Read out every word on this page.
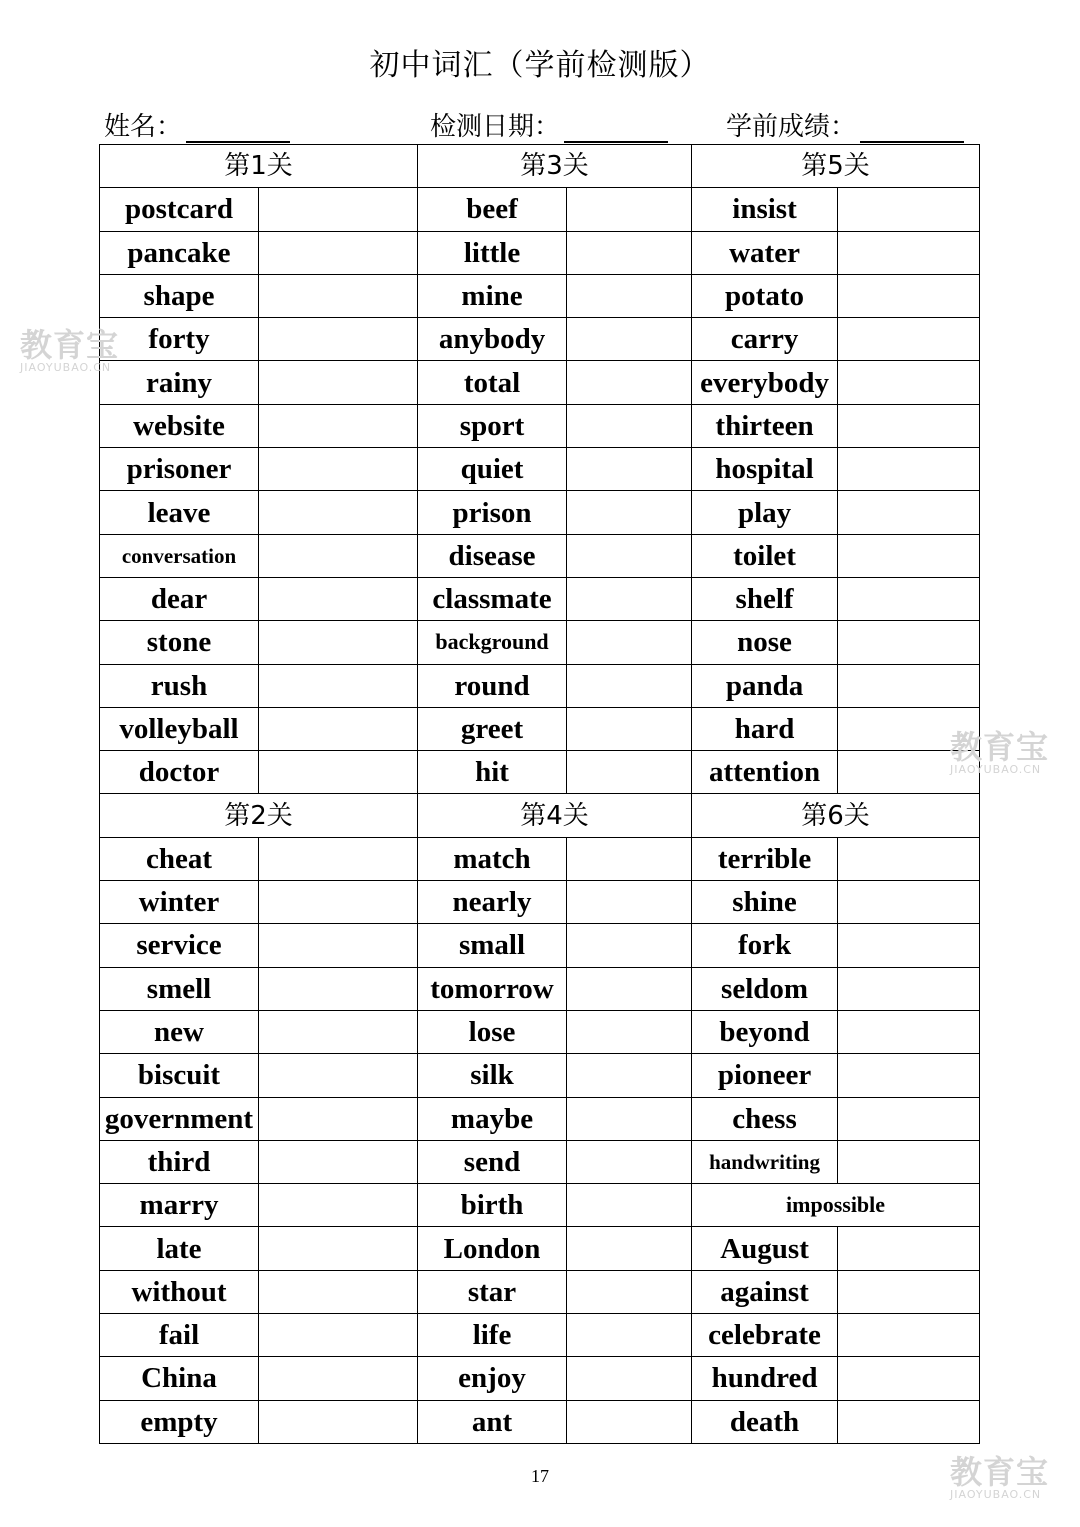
初中词汇（学前检测版）
姓名：	检测日期：	学前成绩：
第1关		第3关		第5关	
postcard		beef		insist	
pancake		little		water	
shape		mine		potato	
forty		anybody		carry	
rainy		total		everybody	
website		sport		thirteen	
prisoner		quiet		hospital	
leave		prison		play	
conversation		disease		toilet	
dear		classmate		shelf	
stone		background		nose	
rush		round		panda	
volleyball		greet		hard	
doctor		hit		attention	
第2关		第4关		第6关	
cheat		match		terrible	
winter		nearly		shine	
service		small		fork	
smell		tomorrow		seldom	
new		lose		beyond	
biscuit		silk		pioneer	
government		maybe		chess	
third		send		handwriting	
marry		birth		impossible	
late		London		August	
without		star		against	
fail		life		celebrate	
China		enjoy		hundred	
empty		ant		death	
17
教育宝
JIAOYUBAO.CN
教育宝
JIAOYUBAO.CN
教育宝
JIAOYUBAO.CN
